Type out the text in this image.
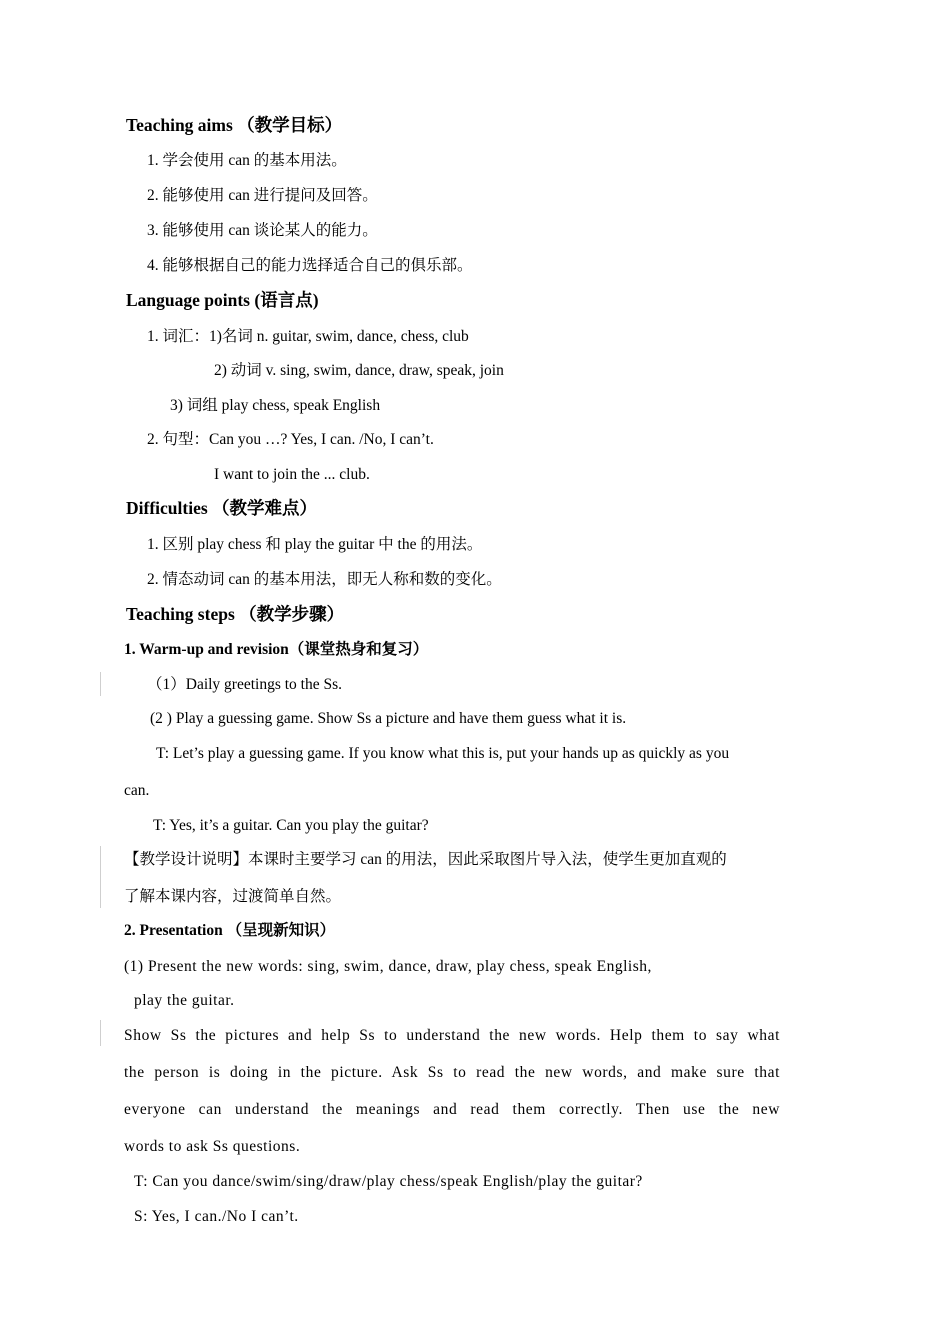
Teaching aims （教学目标）
1. 学会使用 can 的基本用法。
2. 能够使用 can 进行提问及回答。
3. 能够使用 can 谈论某人的能力。
4. 能够根据自己的能力选择适合自己的俱乐部。
Language points (语言点)
1. 词汇：1)名词 n. guitar, swim, dance, chess, club
2) 动词 v. sing, swim, dance, draw, speak, join
3) 词组 play chess, speak English
2. 句型：Can you …? Yes, I can. /No, I can’t.
I want to join the ... club.
Difficulties （教学难点）
1. 区别 play chess 和 play the guitar 中 the 的用法。
2. 情态动词 can 的基本用法，即无人称和数的变化。
Teaching steps （教学步骤）
1. Warm-up and revision（课堂热身和复习）
（1）Daily greetings to the Ss.
(2 ) Play a guessing game. Show Ss a picture and have them guess what it is.
T: Let’s play a guessing game. If you know what this is, put your hands up as quickly as you
can.
T: Yes, it’s a guitar. Can you play the guitar?
【教学设计说明】本课时主要学习 can 的用法，因此采取图片导入法，使学生更加直观的
了解本课内容，过渡简单自然。
2. Presentation （呈现新知识）
(1) Present the new words: sing, swim, dance, draw, play chess, speak English,
play the guitar.
Show Ss the pictures and help Ss to understand the new words. Help them to say what
the person is doing in the picture. Ask Ss to read the new words, and make sure that
everyone can understand the meanings and read them correctly. Then use the new
words to ask Ss questions.
T: Can you dance/swim/sing/draw/play chess/speak English/play the guitar?
S: Yes, I can./No I can’t.
